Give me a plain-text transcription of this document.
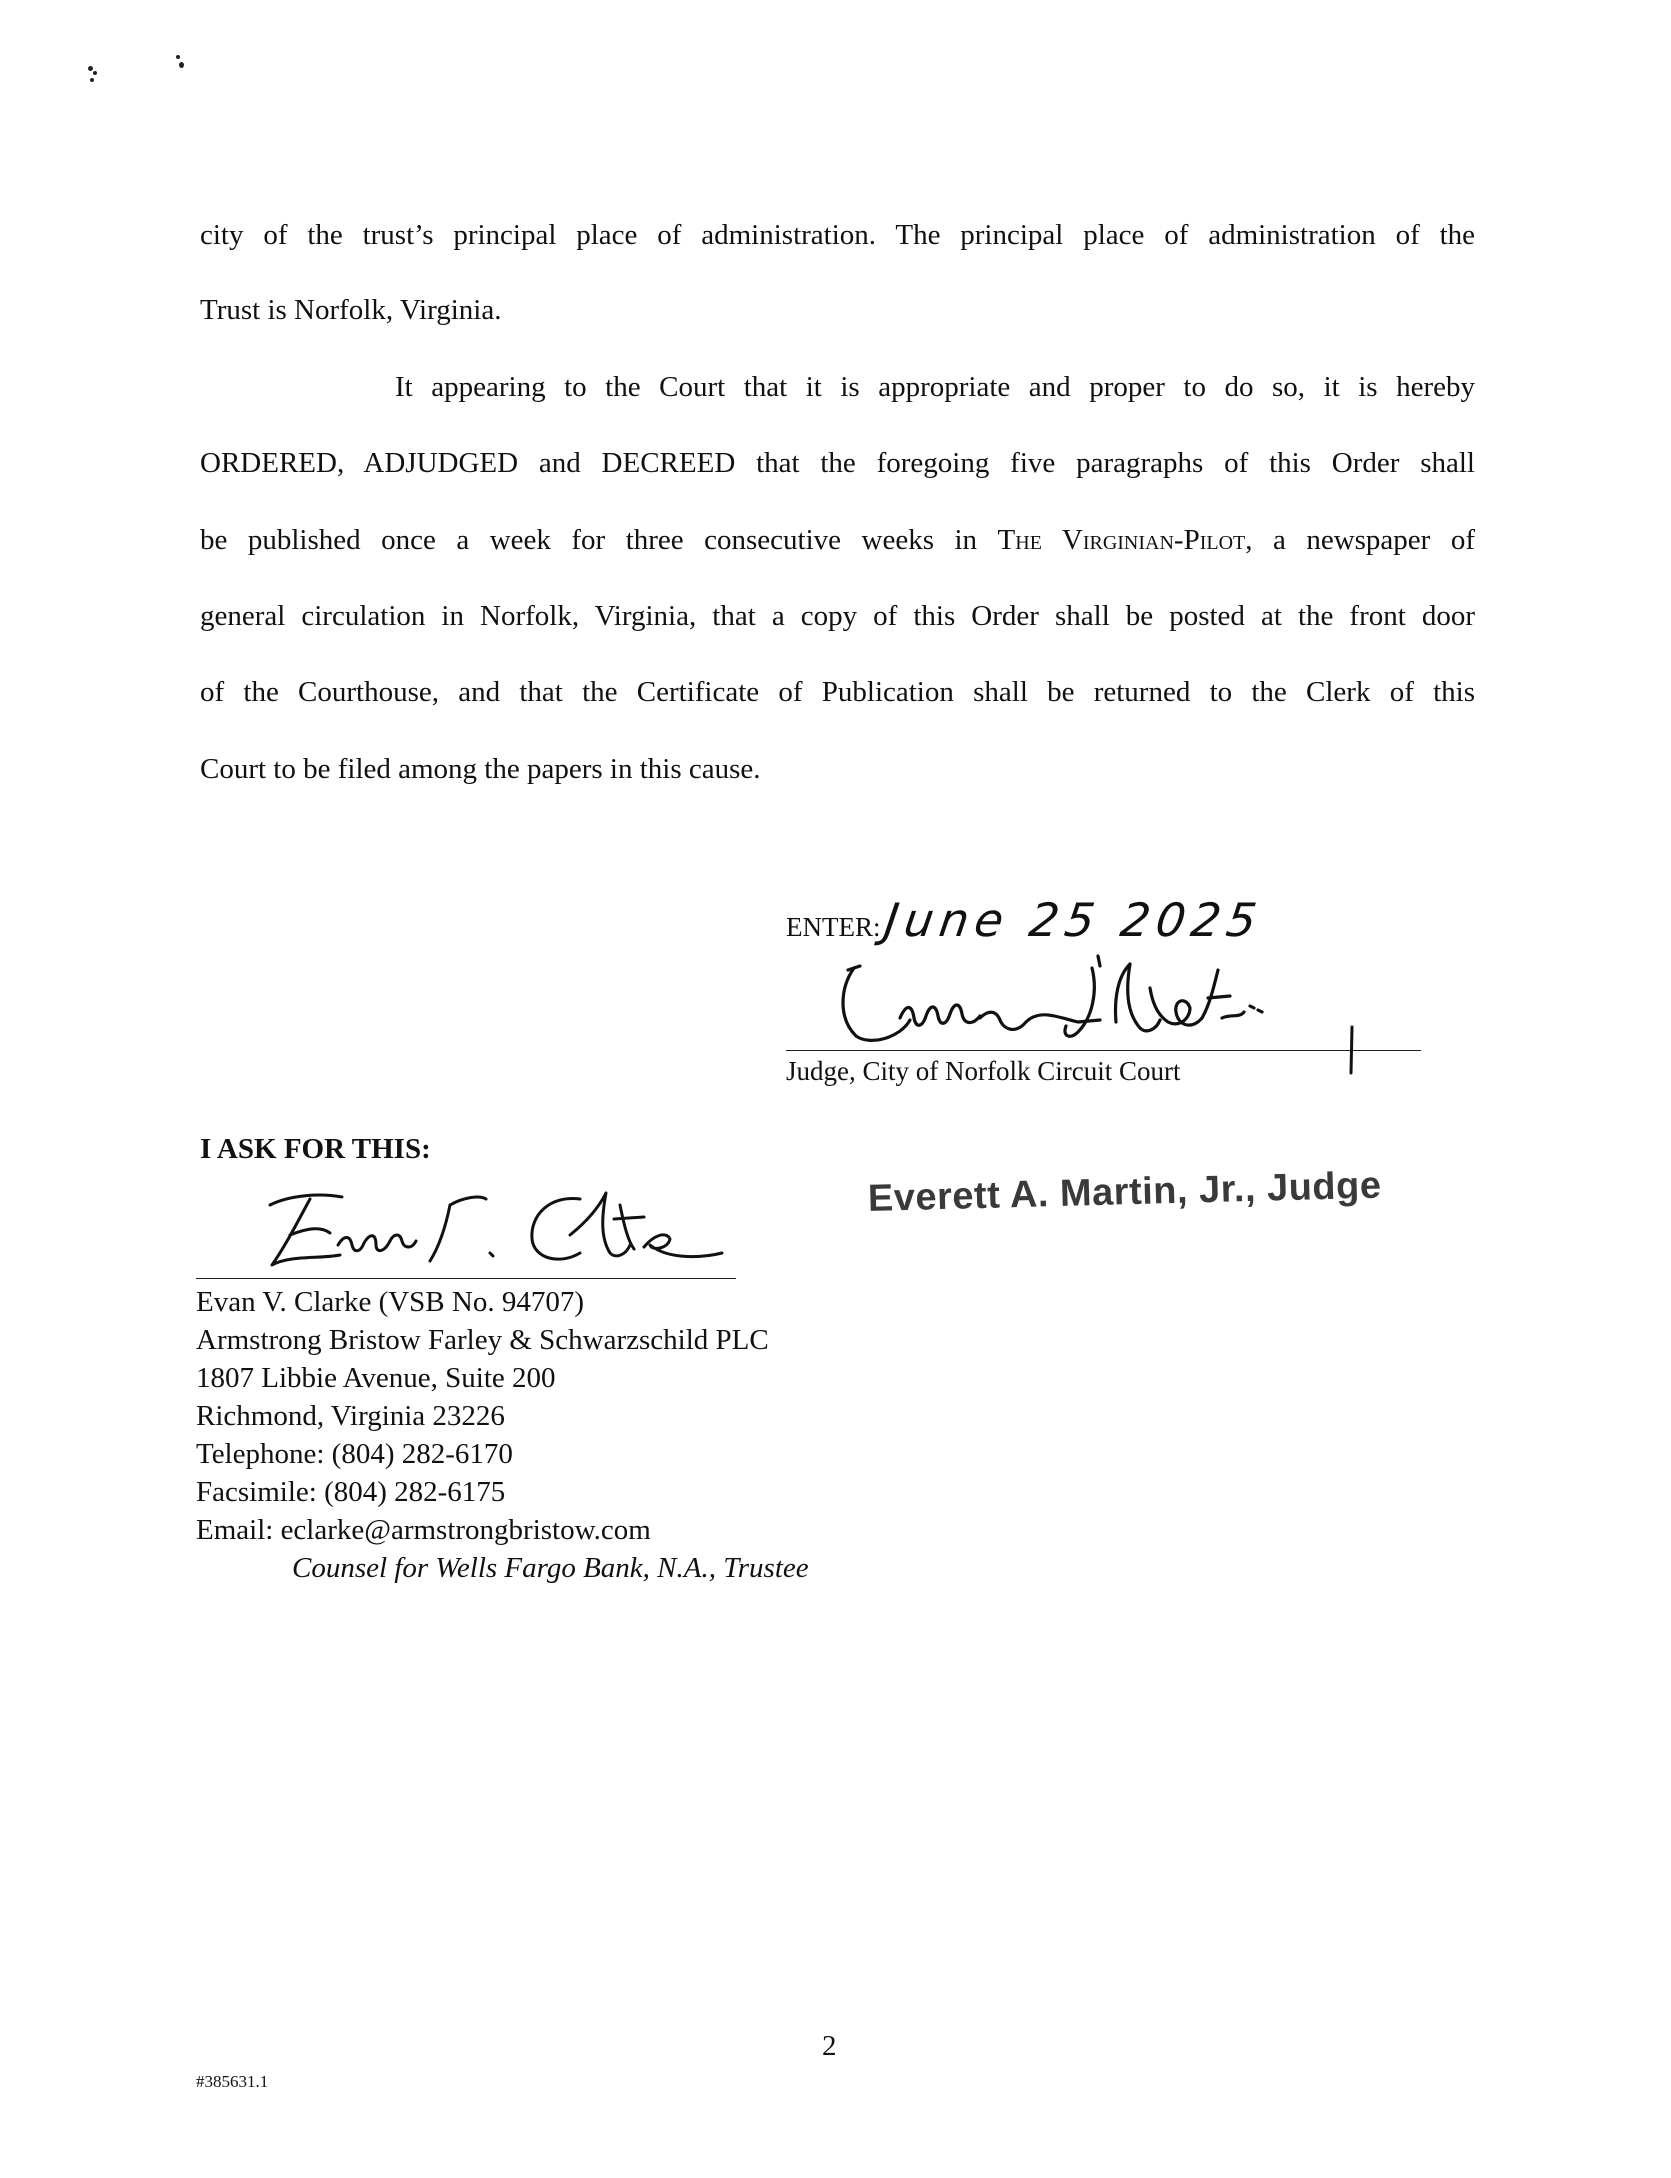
city of the trust’s principal place of administration. The principal place of administration of the
Trust is Norfolk, Virginia.
It appearing to the Court that it is appropriate and proper to do so, it is hereby
ORDERED, ADJUDGED and DECREED that the foregoing five paragraphs of this Order shall
be published once a week for three consecutive weeks in The Virginian-Pilot, a newspaper of
general circulation in Norfolk, Virginia, that a copy of this Order shall be posted at the front door
of the Courthouse, and that the Certificate of Publication shall be returned to the Clerk of this
Court to be filed among the papers in this cause.
ENTER: June 25 2025
Judge, City of Norfolk Circuit Court
Everett A. Martin, Jr., Judge
I ASK FOR THIS:
Evan V. Clarke (VSB No. 94707)
Armstrong Bristow Farley & Schwarzschild PLC
1807 Libbie Avenue, Suite 200
Richmond, Virginia 23226
Telephone: (804) 282-6170
Facsimile: (804) 282-6175
Email: eclarke@armstrongbristow.com
Counsel for Wells Fargo Bank, N.A., Trustee
2
#385631.1
